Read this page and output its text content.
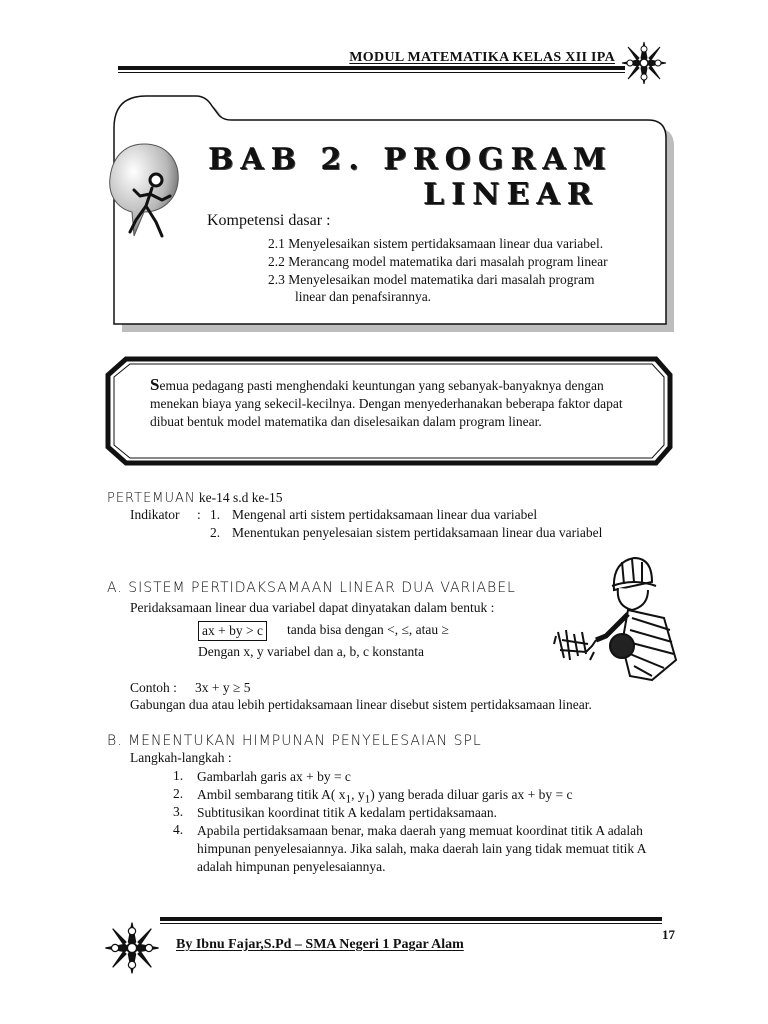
MODUL MATEMATIKA KELAS XII IPA
BAB 2. PROGRAM
LINEAR
Kompetensi dasar :
2.1 Menyelesaikan sistem pertidaksamaan linear dua variabel.
2.2 Merancang model matematika dari masalah program linear
2.3 Menyelesaikan model matematika dari masalah program
linear dan penafsirannya.
Semua pedagang pasti menghendaki keuntungan yang sebanyak-banyaknya dengan menekan biaya yang sekecil-kecilnya. Dengan menyederhanakan beberapa faktor dapat dibuat bentuk model matematika dan diselesaikan dalam program linear.
PERTEMUAN ke-14 s.d ke-15
Indikator : 1. Mengenal arti sistem pertidaksamaan linear dua variabel
2. Menentukan penyelesaian sistem pertidaksamaan linear dua variabel
A. SISTEM PERTIDAKSAMAAN LINEAR DUA VARIABEL
Peridaksamaan linear dua variabel dapat dinyatakan dalam bentuk :
ax + by > c tanda bisa dengan <, ≤, atau ≥
Dengan x, y variabel dan a, b, c konstanta
Contoh : 3x + y ≥ 5
Gabungan dua atau lebih pertidaksamaan linear disebut sistem pertidaksamaan linear.
B. MENENTUKAN HIMPUNAN PENYELESAIAN SPL
Langkah-langkah :
1. Gambarlah garis ax + by = c
2. Ambil sembarang titik A( $x_1$, $y_1$) yang berada diluar garis ax + by = c
3. Subtitusikan koordinat titik A kedalam pertidaksamaan.
4. Apabila pertidaksamaan benar, maka daerah yang memuat koordinat titik A adalah himpunan penyelesaiannya. Jika salah, maka daerah lain yang tidak memuat titik A adalah himpunan penyelesaiannya.
By Ibnu Fajar,S.Pd – SMA Negeri 1 Pagar Alam
17
